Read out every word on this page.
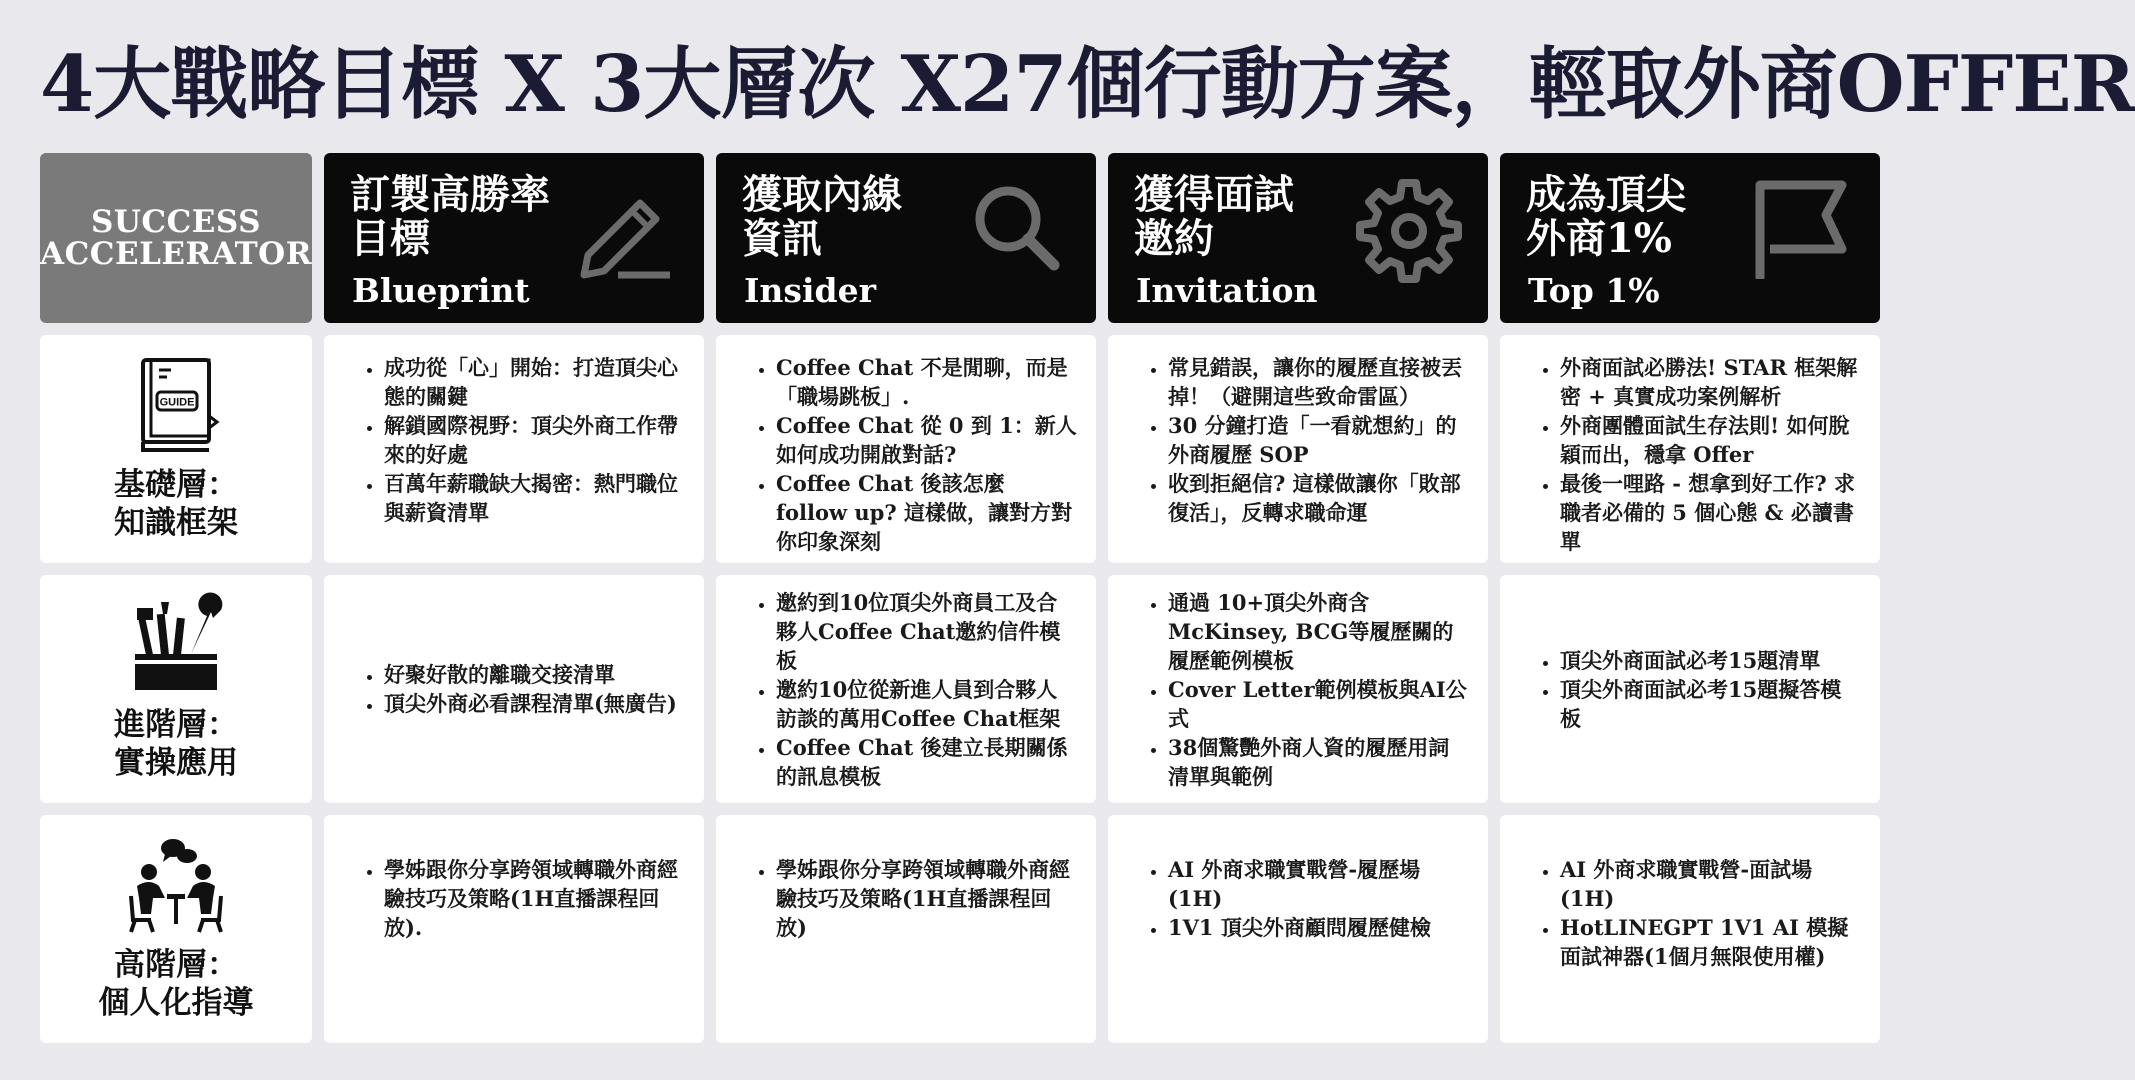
4大戰略目標 X 3大層次 X27個行動方案，輕取外商OFFER
SUCCESS
ACCELERATOR
訂製高勝率
目標
Blueprint
獲取內線
資訊
Insider
獲得面試
邀約
Invitation
成為頂尖
外商1%
Top 1%
GUIDE
基礎層：
知識框架
• 成功從「心」開始：打造頂尖心態的關鍵
• 解鎖國際視野：頂尖外商工作帶來的好處
• 百萬年薪職缺大揭密：熱門職位與薪資清單
• Coffee Chat 不是閒聊，而是「職場跳板」.
• Coffee Chat 從 0 到 1：新人如何成功開啟對話?
• Coffee Chat 後該怎麼 follow up? 這樣做，讓對方對你印象深刻
• 常見錯誤，讓你的履歷直接被丟掉！（避開這些致命雷區）
• 30 分鐘打造「一看就想約」的外商履歷 SOP
• 收到拒絕信? 這樣做讓你「敗部復活」，反轉求職命運
• 外商面試必勝法! STAR 框架解密 + 真實成功案例解析
• 外商團體面試生存法則! 如何脫穎而出，穩拿 Offer
• 最後一哩路 - 想拿到好工作? 求職者必備的 5 個心態 & 必讀書單
進階層：
實操應用
• 好聚好散的離職交接清單
• 頂尖外商必看課程清單(無廣告)
• 邀約到10位頂尖外商員工及合夥人Coffee Chat邀約信件模板
• 邀約10位從新進人員到合夥人訪談的萬用Coffee Chat框架
• Coffee Chat 後建立長期關係的訊息模板
• 通過 10+頂尖外商含 McKinsey, BCG等履歷關的履歷範例模板
• Cover Letter範例模板與AI公式
• 38個驚艷外商人資的履歷用詞清單與範例
• 頂尖外商面試必考15題清單
• 頂尖外商面試必考15題擬答模板
高階層：
個人化指導
• 學姊跟你分享跨領域轉職外商經驗技巧及策略(1H直播課程回放).
• 學姊跟你分享跨領域轉職外商經驗技巧及策略(1H直播課程回放)
• AI 外商求職實戰營-履歷場(1H)
• 1V1 頂尖外商顧問履歷健檢
• AI 外商求職實戰營-面試場(1H)
• HotLINEGPT 1V1 AI 模擬面試神器(1個月無限使用權)
